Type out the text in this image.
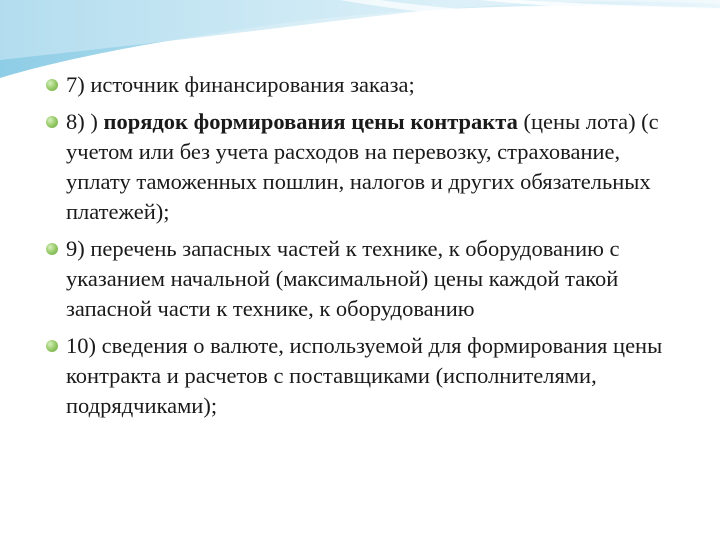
7) источник финансирования заказа;
8) ) порядок формирования цены контракта (цены лота) (с учетом или без учета расходов на перевозку, страхование, уплату таможенных пошлин, налогов и других обязательных платежей);
9) перечень запасных частей к технике, к оборудованию с указанием начальной (максимальной) цены каждой такой запасной части к технике, к оборудованию
10) сведения о валюте, используемой для формирования цены контракта и расчетов с поставщиками (исполнителями, подрядчиками);
